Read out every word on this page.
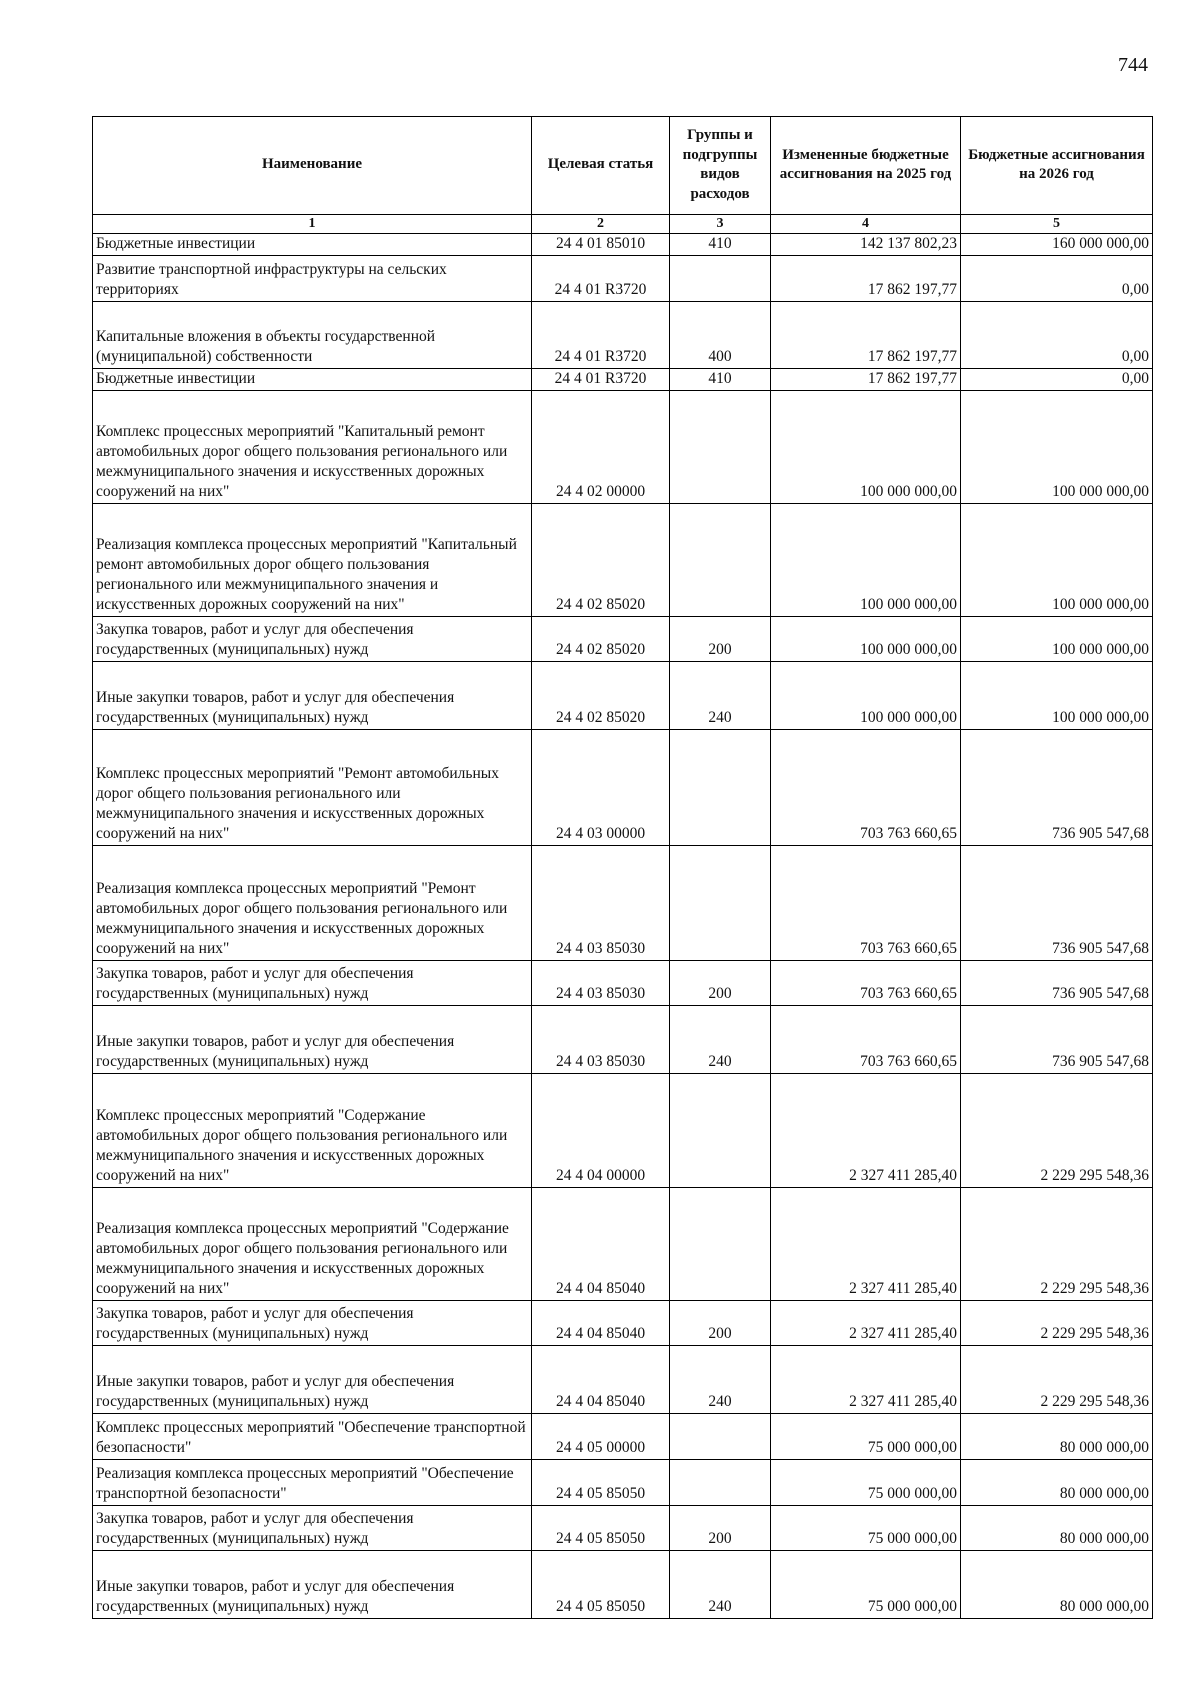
744
Наименование	Целевая статья	Группы и подгруппы видов расходов	Измененные бюджетные ассигнования на 2025 год	Бюджетные ассигнования на 2026 год
1	2	3	4	5
Бюджетные инвестиции	24 4 01 85010	410	142 137 802,23	160 000 000,00
Развитие транспортной инфраструктуры на сельских территориях	24 4 01 R3720		17 862 197,77	0,00
Капитальные вложения в объекты государственной (муниципальной) собственности	24 4 01 R3720	400	17 862 197,77	0,00
Бюджетные инвестиции	24 4 01 R3720	410	17 862 197,77	0,00
Комплекс процессных мероприятий "Капитальный ремонт автомобильных дорог общего пользования регионального или межмуниципального значения и искусственных дорожных сооружений на них"	24 4 02 00000		100 000 000,00	100 000 000,00
Реализация комплекса процессных мероприятий "Капитальный ремонт автомобильных дорог общего пользования регионального или межмуниципального значения и искусственных дорожных сооружений на них"	24 4 02 85020		100 000 000,00	100 000 000,00
Закупка товаров, работ и услуг для обеспечения государственных (муниципальных) нужд	24 4 02 85020	200	100 000 000,00	100 000 000,00
Иные закупки товаров, работ и услуг для обеспечения государственных (муниципальных) нужд	24 4 02 85020	240	100 000 000,00	100 000 000,00
Комплекс процессных мероприятий "Ремонт автомобильных дорог общего пользования регионального или межмуниципального значения и искусственных дорожных сооружений на них"	24 4 03 00000		703 763 660,65	736 905 547,68
Реализация комплекса процессных мероприятий "Ремонт автомобильных дорог общего пользования регионального или межмуниципального значения и искусственных дорожных сооружений на них"	24 4 03 85030		703 763 660,65	736 905 547,68
Закупка товаров, работ и услуг для обеспечения государственных (муниципальных) нужд	24 4 03 85030	200	703 763 660,65	736 905 547,68
Иные закупки товаров, работ и услуг для обеспечения государственных (муниципальных) нужд	24 4 03 85030	240	703 763 660,65	736 905 547,68
Комплекс процессных мероприятий "Содержание автомобильных дорог общего пользования регионального или межмуниципального значения и искусственных дорожных сооружений на них"	24 4 04 00000		2 327 411 285,40	2 229 295 548,36
Реализация комплекса процессных мероприятий "Содержание автомобильных дорог общего пользования регионального или межмуниципального значения и искусственных дорожных сооружений на них"	24 4 04 85040		2 327 411 285,40	2 229 295 548,36
Закупка товаров, работ и услуг для обеспечения государственных (муниципальных) нужд	24 4 04 85040	200	2 327 411 285,40	2 229 295 548,36
Иные закупки товаров, работ и услуг для обеспечения государственных (муниципальных) нужд	24 4 04 85040	240	2 327 411 285,40	2 229 295 548,36
Комплекс процессных мероприятий "Обеспечение транспортной безопасности"	24 4 05 00000		75 000 000,00	80 000 000,00
Реализация комплекса процессных мероприятий "Обеспечение транспортной безопасности"	24 4 05 85050		75 000 000,00	80 000 000,00
Закупка товаров, работ и услуг для обеспечения государственных (муниципальных) нужд	24 4 05 85050	200	75 000 000,00	80 000 000,00
Иные закупки товаров, работ и услуг для обеспечения государственных (муниципальных) нужд	24 4 05 85050	240	75 000 000,00	80 000 000,00
